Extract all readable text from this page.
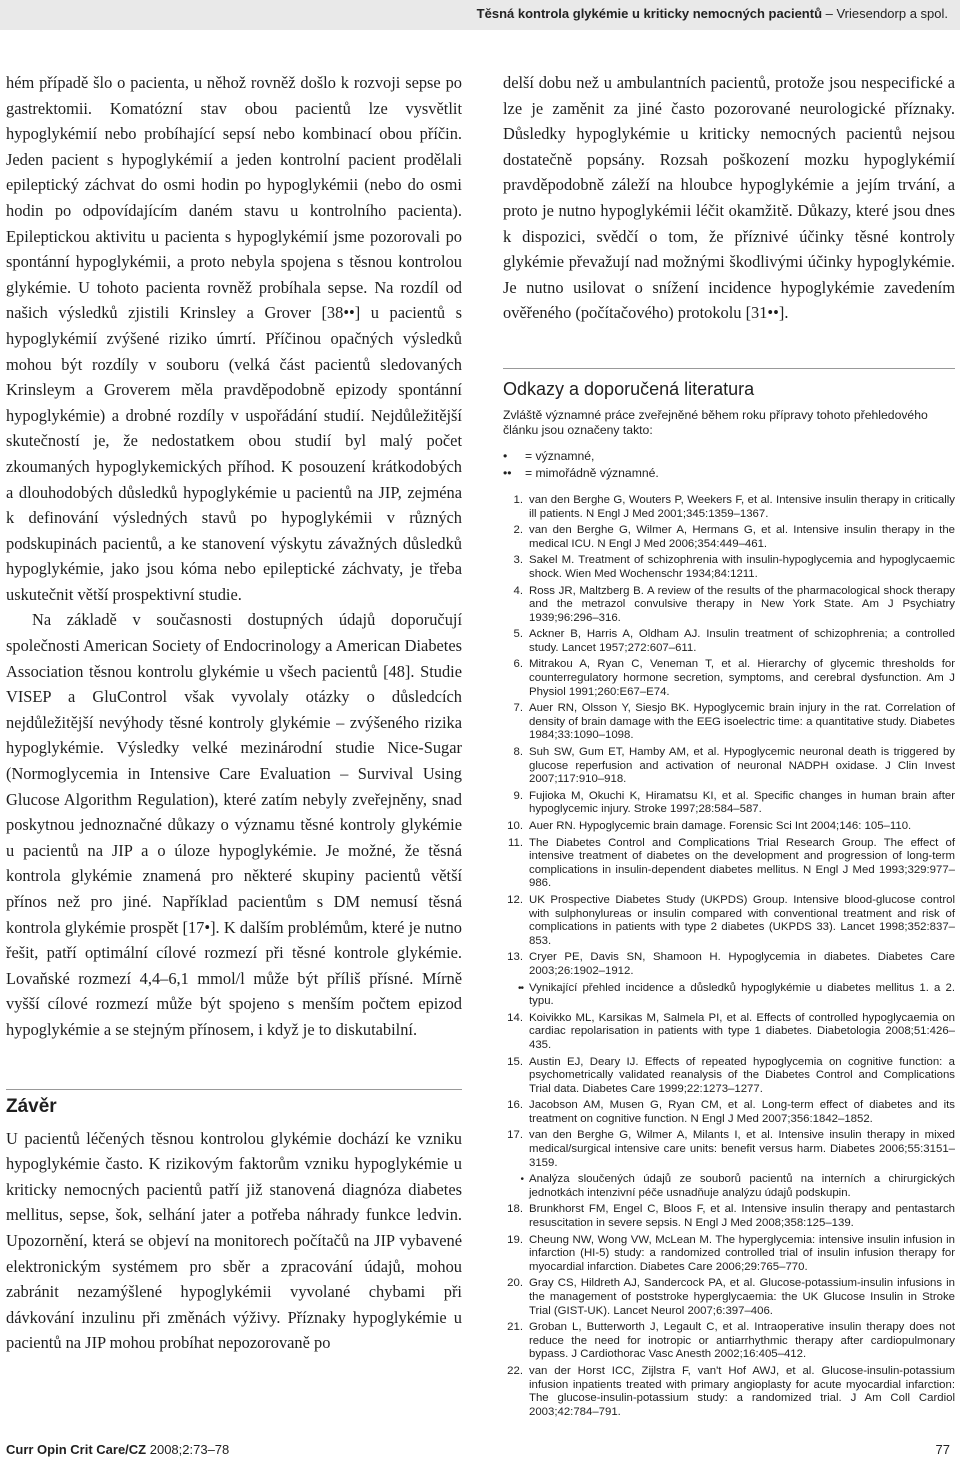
Těsná kontrola glykémie u kriticky nemocných pacientů – Vriesendorp a spol.

hém případě šlo o pacienta, u něhož rovněž došlo k rozvoji sepse po gastrektomii. Komatózní stav obou pacientů lze vysvětlit hypoglykémií nebo probíhající sepsí nebo kombinací obou příčin. Jeden pacient s hypoglykémií a jeden kontrolní pacient prodělali epileptický záchvat do osmi hodin po hypoglykémii (nebo do osmi hodin po odpovídajícím daném stavu u kontrolního pacienta). Epileptickou aktivitu u pacienta s hypoglykémií jsme pozorovali po spontánní hypoglykémii, a proto nebyla spojena s těsnou kontrolou glykémie. U tohoto pacienta rovněž probíhala sepse. Na rozdíl od našich výsledků zjistili Krinsley a Grover [38••] u pacientů s hypoglykémií zvýšené riziko úmrtí. Příčinou opačných výsledků mohou být rozdíly v souboru (velká část pacientů sledovaných Krinsleym a Groverem měla pravděpodobně epizody spontánní hypoglykémie) a drobné rozdíly v uspořádání studií. Nejdůležitější skutečností je, že nedostatkem obou studií byl malý počet zkoumaných hypoglykemických příhod. K posouzení krátkodobých a dlouhodobých důsledků hypoglykémie u pacientů na JIP, zejména k definování výsledných stavů po hypoglykémii v různých podskupinách pacientů, a ke stanovení výskytu závažných důsledků hypoglykémie, jako jsou kóma nebo epileptické záchvaty, je třeba uskutečnit větší prospektivní studie.

Na základě v současnosti dostupných údajů doporučují společnosti American Society of Endocrinology a American Diabetes Association těsnou kontrolu glykémie u všech pacientů [48]. Studie VISEP a GluControl však vyvolaly otázky o důsledcích nejdůležitější nevýhody těsné kontroly glykémie – zvýšeného rizika hypoglykémie. Výsledky velké mezinárodní studie Nice-Sugar (Normoglycemia in Intensive Care Evaluation – Survival Using Glucose Algorithm Regulation), které zatím nebyly zveřejněny, snad poskytnou jednoznačné důkazy o významu těsné kontroly glykémie u pacientů na JIP a o úloze hypoglykémie. Je možné, že těsná kontrola glykémie znamená pro některé skupiny pacientů větší přínos než pro jiné. Například pacientům s DM nemusí těsná kontrola glykémie prospět [17•]. K dalším problémům, které je nutno řešit, patří optimální cílové rozmezí při těsné kontrole glykémie. Lovaňské rozmezí 4,4–6,1 mmol/l může být příliš přísné. Mírně vyšší cílové rozmezí může být spojeno s menším počtem epizod hypoglykémie a se stejným přínosem, i když je to diskutabilní.

Závěr

U pacientů léčených těsnou kontrolou glykémie dochází ke vzniku hypoglykémie často. K rizikovým faktorům vzniku hypoglykémie u kriticky nemocných pacientů patří již stanovená diagnóza diabetes mellitus, sepse, šok, selhání jater a potřeba náhrady funkce ledvin. Upozornění, která se objeví na monitorech počítačů na JIP vybavené elektronickým systémem pro sběr a zpracování údajů, mohou zabránit nezamýšlené hypoglykémii vyvolané chybami při dávkování inzulinu při změnách výživy. Příznaky hypoglykémie u pacientů na JIP mohou probíhat nepozorovaně po

delší dobu než u ambulantních pacientů, protože jsou nespecifické a lze je zaměnit za jiné často pozorované neurologické příznaky. Důsledky hypoglykémie u kriticky nemocných pacientů nejsou dostatečně popsány. Rozsah poškození mozku hypoglykémií pravděpodobně záleží na hloubce hypoglykémie a jejím trvání, a proto je nutno hypoglykémii léčit okamžitě. Důkazy, které jsou dnes k dispozici, svědčí o tom, že příznivé účinky těsné kontroly glykémie převažují nad možnými škodlivými účinky hypoglykémie. Je nutno usilovat o snížení incidence hypoglykémie zavedením ověřeného (počítačového) protokolu [31••].

Odkazy a doporučená literatura
Zvláště významné práce zveřejněné během roku přípravy tohoto přehledového článku jsou označeny takto:
•	= významné,
••	= mimořádně významné.
1. van den Berghe G, Wouters P, Weekers F, et al. Intensive insulin therapy in critically ill patients. N Engl J Med 2001;345:1359–1367.
2. van den Berghe G, Wilmer A, Hermans G, et al. Intensive insulin therapy in the medical ICU. N Engl J Med 2006;354:449–461.
3. Sakel M. Treatment of schizophrenia with insulin-hypoglycemia and hypoglycaemic shock. Wien Med Wochenschr 1934;84:1211.
4. Ross JR, Maltzberg B. A review of the results of the pharmacological shock therapy and the metrazol convulsive therapy in New York State. Am J Psychiatry 1939;96:296–316.
5. Ackner B, Harris A, Oldham AJ. Insulin treatment of schizophrenia; a controlled study. Lancet 1957;272:607–611.
6. Mitrakou A, Ryan C, Veneman T, et al. Hierarchy of glycemic thresholds for counterregulatory hormone secretion, symptoms, and cerebral dysfunction. Am J Physiol 1991;260:E67–E74.
7. Auer RN, Olsson Y, Siesjo BK. Hypoglycemic brain injury in the rat. Correlation of density of brain damage with the EEG isoelectric time: a quantitative study. Diabetes 1984;33:1090–1098.
8. Suh SW, Gum ET, Hamby AM, et al. Hypoglycemic neuronal death is triggered by glucose reperfusion and activation of neuronal NADPH oxidase. J Clin Invest 2007;117:910–918.
9. Fujioka M, Okuchi K, Hiramatsu KI, et al. Specific changes in human brain after hypoglycemic injury. Stroke 1997;28:584–587.
10. Auer RN. Hypoglycemic brain damage. Forensic Sci Int 2004;146: 105–110.
11. The Diabetes Control and Complications Trial Research Group. The effect of intensive treatment of diabetes on the development and progression of long-term complications in insulin-dependent diabetes mellitus. N Engl J Med 1993;329:977–986.
12. UK Prospective Diabetes Study (UKPDS) Group. Intensive blood-glucose control with sulphonylureas or insulin compared with conventional treatment and risk of complications in patients with type 2 diabetes (UKPDS 33). Lancet 1998;352:837–853.
13. Cryer PE, Davis SN, Shamoon H. Hypoglycemia in diabetes. Diabetes Care 2003;26:1902–1912.
•• Vynikající přehled incidence a důsledků hypoglykémie u diabetes mellitus 1. a 2. typu.
14. Koivikko ML, Karsikas M, Salmela PI, et al. Effects of controlled hypoglycaemia on cardiac repolarisation in patients with type 1 diabetes. Diabetologia 2008;51:426–435.
15. Austin EJ, Deary IJ. Effects of repeated hypoglycemia on cognitive function: a psychometrically validated reanalysis of the Diabetes Control and Complications Trial data. Diabetes Care 1999;22:1273–1277.
16. Jacobson AM, Musen G, Ryan CM, et al. Long-term effect of diabetes and its treatment on cognitive function. N Engl J Med 2007;356:1842–1852.
17. van den Berghe G, Wilmer A, Milants I, et al. Intensive insulin therapy in mixed medical/surgical intensive care units: benefit versus harm. Diabetes 2006;55:3151–3159.
• Analýza sloučených údajů ze souborů pacientů na interních a chirurgických jednotkách intenzivní péče usnadňuje analýzu údajů podskupin.
18. Brunkhorst FM, Engel C, Bloos F, et al. Intensive insulin therapy and pentastarch resuscitation in severe sepsis. N Engl J Med 2008;358:125–139.
19. Cheung NW, Wong VW, McLean M. The hyperglycemia: intensive insulin infusion in infarction (HI-5) study: a randomized controlled trial of insulin infusion therapy for myocardial infarction. Diabetes Care 2006;29:765–770.
20. Gray CS, Hildreth AJ, Sandercock PA, et al. Glucose-potassium-insulin infusions in the management of poststroke hyperglycaemia: the UK Glucose Insulin in Stroke Trial (GIST-UK). Lancet Neurol 2007;6:397–406.
21. Groban L, Butterworth J, Legault C, et al. Intraoperative insulin therapy does not reduce the need for inotropic or antiarrhythmic therapy after cardiopulmonary bypass. J Cardiothorac Vasc Anesth 2002;16:405–412.
22. van der Horst ICC, Zijlstra F, van't Hof AWJ, et al. Glucose-insulin-potassium infusion inpatients treated with primary angioplasty for acute myocardial infarction: The glucose-insulin-potassium study: a randomized trial. J Am Coll Cardiol 2003;42:784–791.
Curr Opin Crit Care/CZ 2008;2:73–78	77
